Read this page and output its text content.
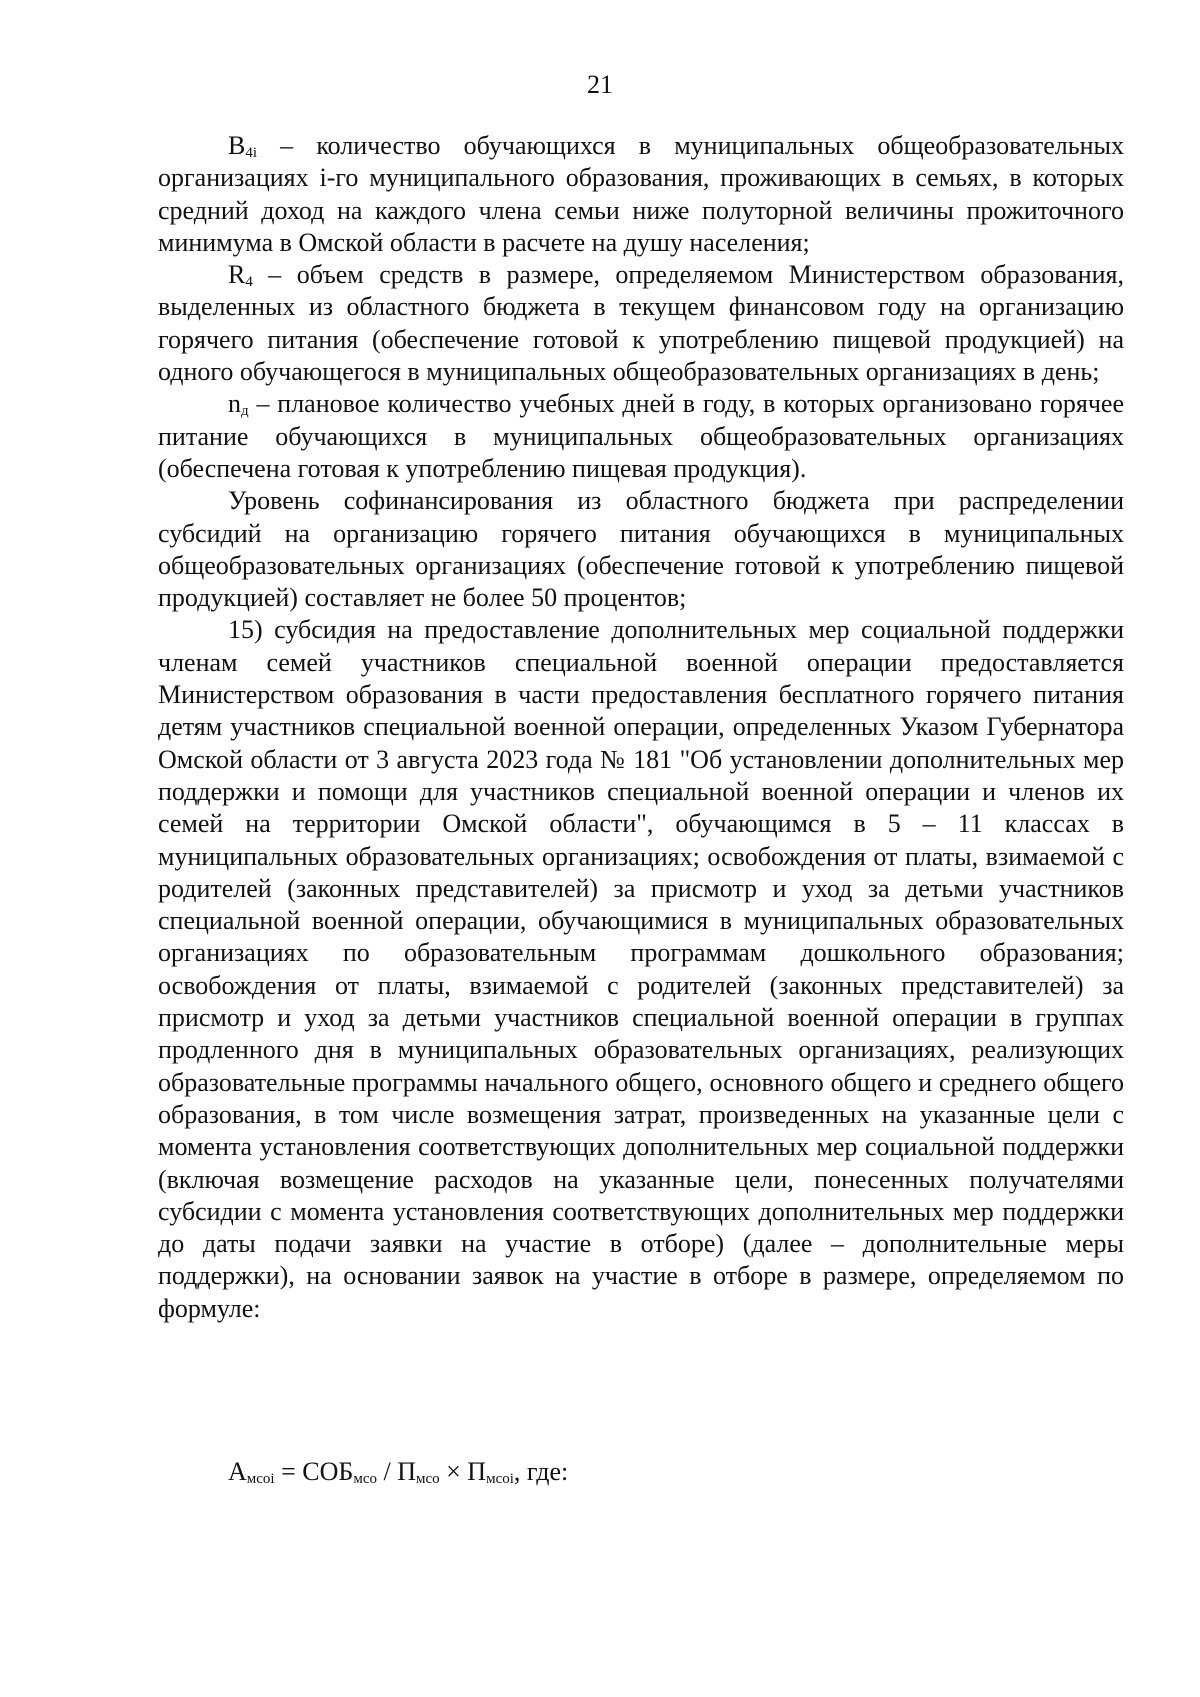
21

$B_{4i}$ – количество обучающихся в муниципальных общеобразовательных организациях i-го муниципального образования, проживающих в семьях, в которых средний доход на каждого члена семьи ниже полуторной величины прожиточного минимума в Омской области в расчете на душу населения;

$R_4$ – объем средств в размере, определяемом Министерством образования, выделенных из областного бюджета в текущем финансовом году на организацию горячего питания (обеспечение готовой к употреблению пищевой продукцией) на одного обучающегося в муниципальных общеобразовательных организациях в день;

$n_д$ – плановое количество учебных дней в году, в которых организовано горячее питание обучающихся в муниципальных общеобразовательных организациях (обеспечена готовая к употреблению пищевая продукция).

Уровень софинансирования из областного бюджета при распределении субсидий на организацию горячего питания обучающихся в муниципальных общеобразовательных организациях (обеспечение готовой к употреблению пищевой продукцией) составляет не более 50 процентов;

15) субсидия на предоставление дополнительных мер социальной поддержки членам семей участников специальной военной операции предоставляется Министерством образования в части предоставления бесплатного горячего питания детям участников специальной военной операции, определенных Указом Губернатора Омской области от 3 августа 2023 года № 181 "Об установлении дополнительных мер поддержки и помощи для участников специальной военной операции и членов их семей на территории Омской области", обучающимся в 5 – 11 классах в муниципальных образовательных организациях; освобождения от платы, взимаемой с родителей (законных представителей) за присмотр и уход за детьми участников специальной военной операции, обучающимися в муниципальных образовательных организациях по образовательным программам дошкольного образования; освобождения от платы, взимаемой с родителей (законных представителей) за присмотр и уход за детьми участников специальной военной операции в группах продленного дня в муниципальных образовательных организациях, реализующих образовательные программы начального общего, основного общего и среднего общего образования, в том числе возмещения затрат, произведенных на указанные цели с момента установления соответствующих дополнительных мер социальной поддержки (включая возмещение расходов на указанные цели, понесенных получателями субсидии с момента установления соответствующих дополнительных мер поддержки до даты подачи заявки на участие в отборе) (далее – дополнительные меры поддержки), на основании заявок на участие в отборе в размере, определяемом по формуле:

$A_{мсоi} = СОБ_{мсо} / П_{мсо} \times П_{мсоi}$, где:
